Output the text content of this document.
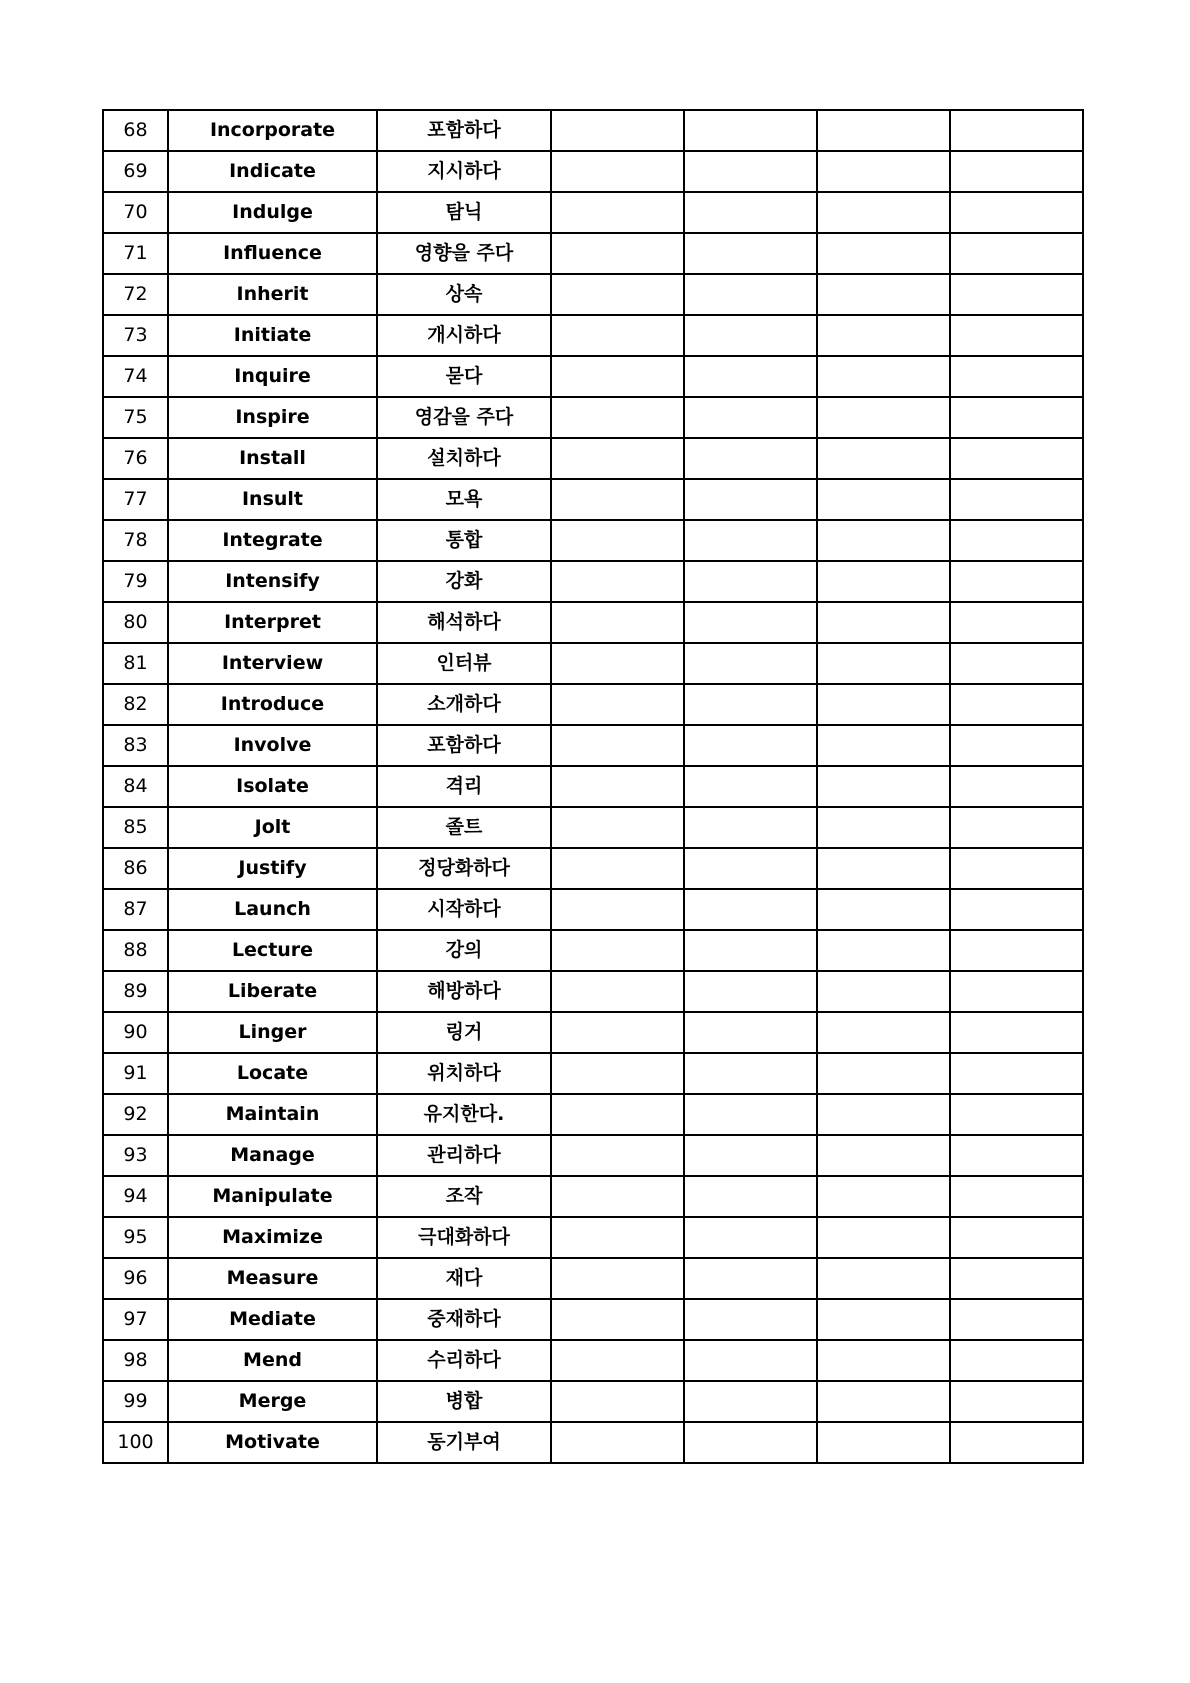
68	Incorporate	포함하다				
69	Indicate	지시하다				
70	Indulge	탐닉				
71	Influence	영향을 주다				
72	Inherit	상속				
73	Initiate	개시하다				
74	Inquire	묻다				
75	Inspire	영감을 주다				
76	Install	설치하다				
77	Insult	모욕				
78	Integrate	통합				
79	Intensify	강화				
80	Interpret	해석하다				
81	Interview	인터뷰				
82	Introduce	소개하다				
83	Involve	포함하다				
84	Isolate	격리				
85	Jolt	졸트				
86	Justify	정당화하다				
87	Launch	시작하다				
88	Lecture	강의				
89	Liberate	해방하다				
90	Linger	링거				
91	Locate	위치하다				
92	Maintain	유지한다.				
93	Manage	관리하다				
94	Manipulate	조작				
95	Maximize	극대화하다				
96	Measure	재다				
97	Mediate	중재하다				
98	Mend	수리하다				
99	Merge	병합				
100	Motivate	동기부여				
